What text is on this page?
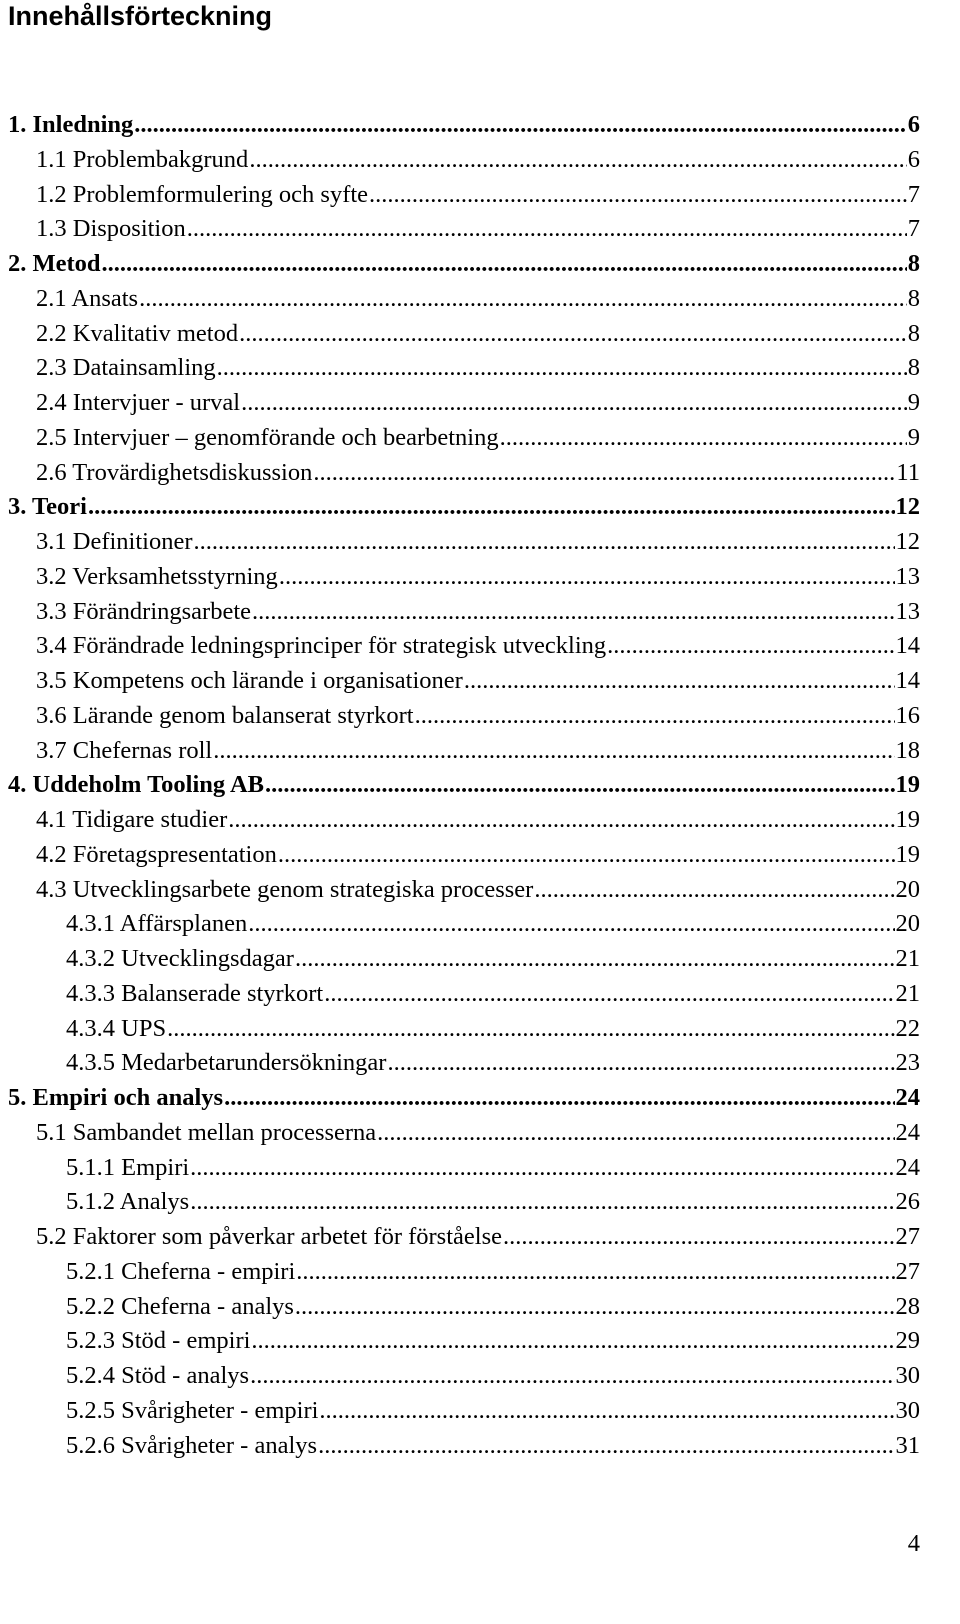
Innehållsförteckning
1. Inledning .....	6
1.1 Problembakgrund .....	6
1.2 Problemformulering och syfte .....	7
1.3 Disposition .....	7
2. Metod .....	8
2.1 Ansats .....	8
2.2 Kvalitativ metod .....	8
2.3 Datainsamling .....	8
2.4 Intervjuer - urval .....	9
2.5 Intervjuer – genomförande och bearbetning .....	9
2.6 Trovärdighetsdiskussion .....	11
3. Teori .....	12
3.1 Definitioner .....	12
3.2 Verksamhetsstyrning .....	13
3.3 Förändringsarbete .....	13
3.4 Förändrade ledningsprinciper för strategisk utveckling .....	14
3.5 Kompetens och lärande i organisationer .....	14
3.6 Lärande genom balanserat styrkort .....	16
3.7 Chefernas roll .....	18
4. Uddeholm Tooling AB .....	19
4.1 Tidigare studier .....	19
4.2 Företagspresentation .....	19
4.3 Utvecklingsarbete genom strategiska processer .....	20
4.3.1 Affärsplanen .....	20
4.3.2 Utvecklingsdagar .....	21
4.3.3 Balanserade styrkort .....	21
4.3.4 UPS .....	22
4.3.5 Medarbetarundersökningar .....	23
5. Empiri och analys .....	24
5.1 Sambandet mellan processerna .....	24
5.1.1 Empiri .....	24
5.1.2 Analys .....	26
5.2 Faktorer som påverkar arbetet för förståelse .....	27
5.2.1 Cheferna - empiri .....	27
5.2.2 Cheferna - analys .....	28
5.2.3 Stöd - empiri .....	29
5.2.4 Stöd - analys .....	30
5.2.5 Svårigheter - empiri .....	30
5.2.6 Svårigheter - analys .....	31
4
